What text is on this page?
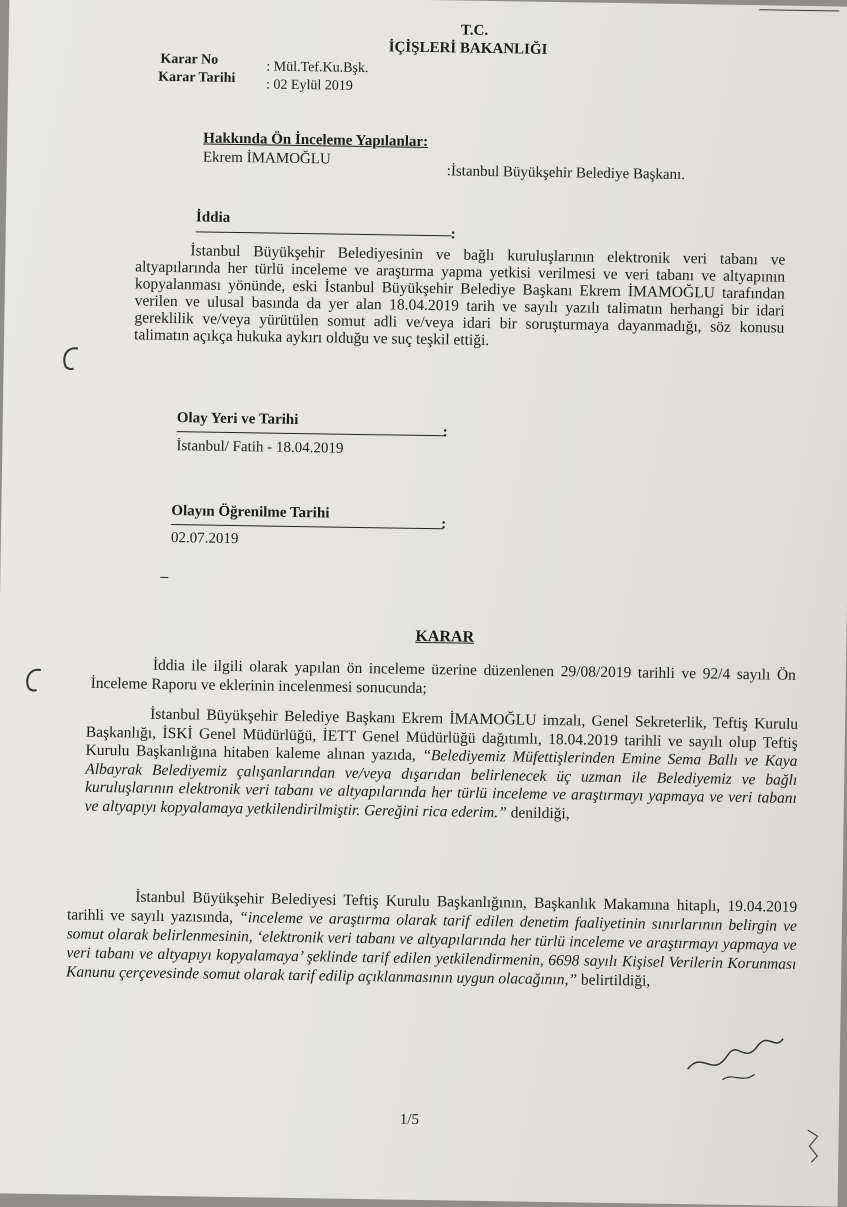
T.C.
İÇİŞLERİ BAKANLIĞI
Karar No	: Mül.Tef.Ku.Bşk.
Karar Tarihi : 02 Eylül 2019
Hakkında Ön İnceleme Yapılanlar:
Ekrem İMAMOĞLU
:İstanbul Büyükşehir Belediye Başkanı.
İddia
:
İstanbul Büyükşehir Belediyesinin ve bağlı kuruluşlarının elektronik veri tabanı ve altyapılarında her türlü inceleme ve araştırma yapma yetkisi verilmesi ve veri tabanı ve altyapının kopyalanması yönünde, eski İstanbul Büyükşehir Belediye Başkanı Ekrem İMAMOĞLU tarafından verilen ve ulusal basında da yer alan 18.04.2019 tarih ve sayılı yazılı talimatın herhangi bir idari gereklilik ve/veya yürütülen somut adli ve/veya idari bir soruşturmaya dayanmadığı, söz konusu talimatın açıkça hukuka aykırı olduğu ve suç teşkil ettiği.
Olay Yeri ve Tarihi
:
İstanbul/ Fatih - 18.04.2019
Olayın Öğrenilme Tarihi
:
02.07.2019
KARAR
İddia ile ilgili olarak yapılan ön inceleme üzerine düzenlenen 29/08/2019 tarihli ve 92/4 sayılı Ön İnceleme Raporu ve eklerinin incelenmesi sonucunda;
İstanbul Büyükşehir Belediye Başkanı Ekrem İMAMOĞLU imzalı, Genel Sekreterlik, Teftiş Kurulu Başkanlığı, İSKİ Genel Müdürlüğü, İETT Genel Müdürlüğü dağıtımlı, 18.04.2019 tarihli ve sayılı olup Teftiş Kurulu Başkanlığına hitaben kaleme alınan yazıda, “Belediyemiz Müfettişlerinden Emine Sema Ballı ve Kaya Albayrak Belediyemiz çalışanlarından ve/veya dışarıdan belirlenecek üç uzman ile Belediyemiz ve bağlı kuruluşlarının elektronik veri tabanı ve altyapılarında her türlü inceleme ve araştırmayı yapmaya ve veri tabanı ve altyapıyı kopyalamaya yetkilendirilmiştir. Gereğini rica ederim.” denildiği,
İstanbul Büyükşehir Belediyesi Teftiş Kurulu Başkanlığının, Başkanlık Makamına hitaplı, 19.04.2019 tarihli ve sayılı yazısında, “inceleme ve araştırma olarak tarif edilen denetim faaliyetinin sınırlarının belirgin ve somut olarak belirlenmesinin, ‘elektronik veri tabanı ve altyapılarında her türlü inceleme ve araştırmayı yapmaya ve veri tabanı ve altyapıyı kopyalamaya’ şeklinde tarif edilen yetkilendirmenin, 6698 sayılı Kişisel Verilerin Korunması Kanunu çerçevesinde somut olarak tarif edilip açıklanmasının uygun olacağının,” belirtildiği,
1/5
